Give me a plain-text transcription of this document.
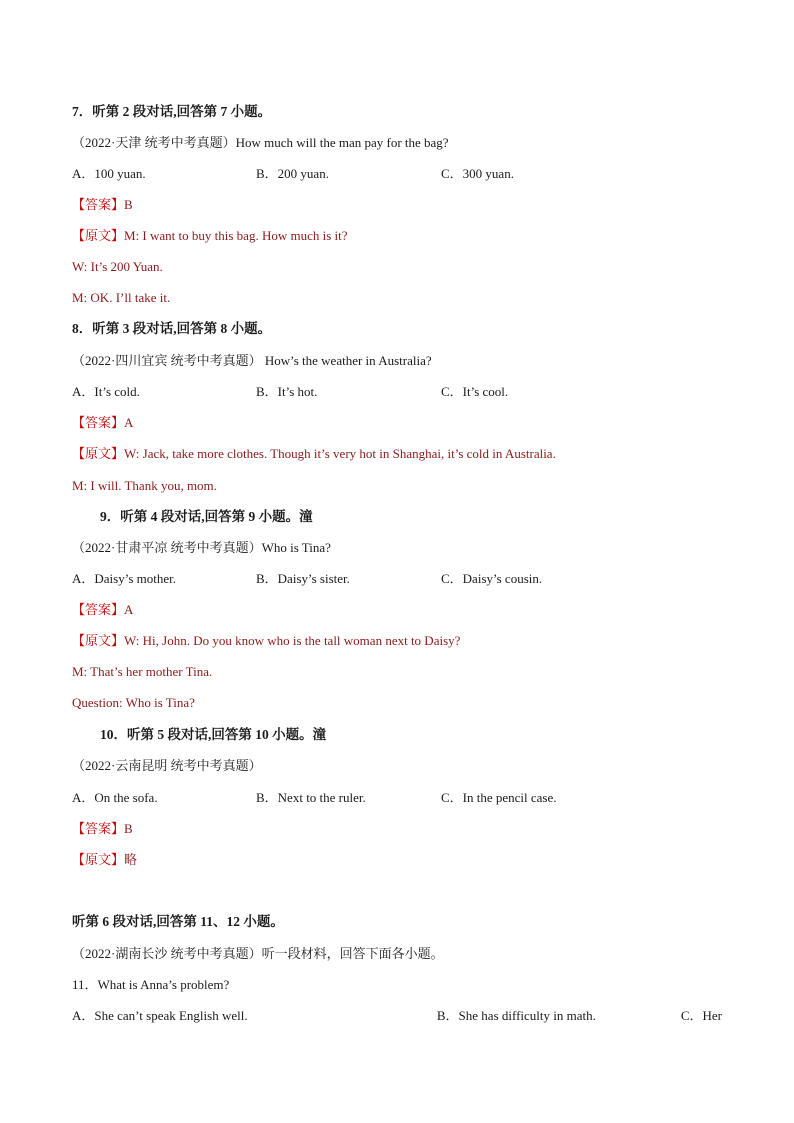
7．听第 2 段对话,回答第 7 小题。
（2022·天津 统考中考真题）How much will the man pay for the bag?
A．100 yuan.	B．200 yuan.	C．300 yuan.
【答案】B
【原文】M: I want to buy this bag. How much is it?
W: It’s 200 Yuan.
M: OK. I’ll take it.
8．听第 3 段对话,回答第 8 小题。
（2022·四川宜宾 统考中考真题） How’s the weather in Australia?
A．It’s cold.	B．It’s hot.	C．It’s cool.
【答案】A
【原文】W: Jack, take more clothes. Though it’s very hot in Shanghai, it’s cold in Australia.
M: I will. Thank you, mom.
9．听第 4 段对话,回答第 9 小题。潼
（2022·甘肃平凉 统考中考真题）Who is Tina?
A．Daisy’s mother.	B．Daisy’s sister.	C．Daisy’s cousin.
【答案】A
【原文】W: Hi, John. Do you know who is the tall woman next to Daisy?
M: That’s her mother Tina.
Question: Who is Tina?
10．听第 5 段对话,回答第 10 小题。潼
（2022·云南昆明 统考中考真题）
A．On the sofa.	B．Next to the ruler.	C．In the pencil case.
【答案】B
【原文】略
听第 6 段对话,回答第 11、12 小题。
（2022·湖南长沙 统考中考真题）听一段材料，回答下面各小题。
11．What is Anna’s problem?
A．She can’t speak English well.	B．She has difficulty in math.	C．Her
